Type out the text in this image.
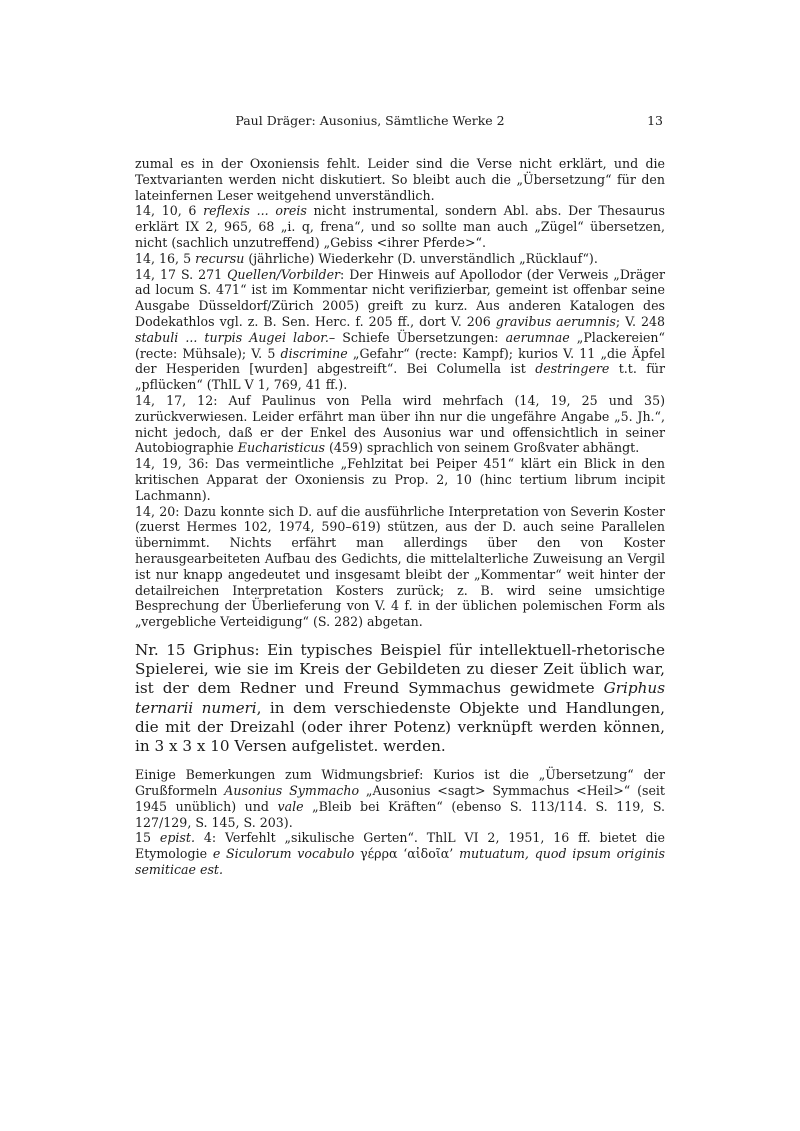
Paul Dräger: Ausonius, Sämtliche Werke 2	13

zumal es in der Oxoniensis fehlt. Leider sind die Verse nicht erklärt, und die Textvarianten werden nicht diskutiert. So bleibt auch die „Übersetzung“ für den lateinfernen Leser weitgehend unverständlich.

14, 10, 6 reflexis ... oreis nicht instrumental, sondern Abl. abs. Der Thesaurus erklärt IX 2, 965, 68 „i. q, frena“, und so sollte man auch „Zügel“ übersetzen, nicht (sachlich unzutreffend) „Gebiss <ihrer Pferde>“.

14, 16, 5 recursu (jährliche) Wiederkehr (D. unverständlich „Rücklauf“).

14, 17 S. 271 Quellen/Vorbilder: Der Hinweis auf Apollodor (der Verweis „Dräger ad locum S. 471“ ist im Kommentar nicht verifizierbar, gemeint ist offenbar seine Ausgabe Düsseldorf/Zürich 2005) greift zu kurz. Aus anderen Katalogen des Dodekathlos vgl. z. B. Sen. Herc. f. 205 ff., dort V. 206 gravibus aerumnis; V. 248 stabuli ... turpis Augei labor.– Schiefe Übersetzungen: aerumnae „Plackereien“ (recte: Mühsale); V. 5 discrimine „Gefahr“ (recte: Kampf); kurios V. 11 „die Äpfel der Hesperiden [wurden] abgestreift“. Bei Columella ist destringere t.t. für „pflücken“ (ThlL V 1, 769, 41 ff.).

14, 17, 12: Auf Paulinus von Pella wird mehrfach (14, 19, 25 und 35) zurückverwiesen. Leider erfährt man über ihn nur die ungefähre Angabe „5. Jh.“, nicht jedoch, daß er der Enkel des Ausonius war und offensichtlich in seiner Autobiographie Eucharisticus (459) sprachlich von seinem Großvater abhängt.

14, 19, 36: Das vermeintliche „Fehlzitat bei Peiper 451“ klärt ein Blick in den kritischen Apparat der Oxoniensis zu Prop. 2, 10 (hinc tertium librum incipit Lachmann).

14, 20: Dazu konnte sich D. auf die ausführliche Interpretation von Severin Koster (zuerst Hermes 102, 1974, 590–619) stützen, aus der D. auch seine Parallelen übernimmt. Nichts erfährt man allerdings über den von Koster herausgearbeiteten Aufbau des Gedichts, die mittelalterliche Zuweisung an Vergil ist nur knapp angedeutet und insgesamt bleibt der „Kommentar“ weit hinter der detailreichen Interpretation Kosters zurück; z. B. wird seine umsichtige Besprechung der Überlieferung von V. 4 f. in der üblichen polemischen Form als „vergebliche Verteidigung“ (S. 282) abgetan.

Nr. 15 Griphus: Ein typisches Beispiel für intellektuell-rhetorische Spielerei, wie sie im Kreis der Gebildeten zu dieser Zeit üblich war, ist der dem Redner und Freund Symmachus gewidmete Griphus ternarii numeri, in dem verschiedenste Objekte und Handlungen, die mit der Dreizahl (oder ihrer Potenz) verknüpft werden können, in 3 x 3 x 10 Versen aufgelistet. werden.

Einige Bemerkungen zum Widmungsbrief: Kurios ist die „Übersetzung“ der Grußformeln Ausonius Symmacho „Ausonius <sagt> Symmachus <Heil>“ (seit 1945 unüblich) und vale „Bleib bei Kräften“ (ebenso S. 113/114. S. 119, S. 127/129, S. 145, S. 203).

15 epist. 4: Verfehlt „sikulische Gerten“. ThlL VI 2, 1951, 16 ff. bietet die Etymologie e Siculorum vocabulo γέρρα ‘αἰδοῖα’ mutuatum, quod ipsum originis semiticae est.
